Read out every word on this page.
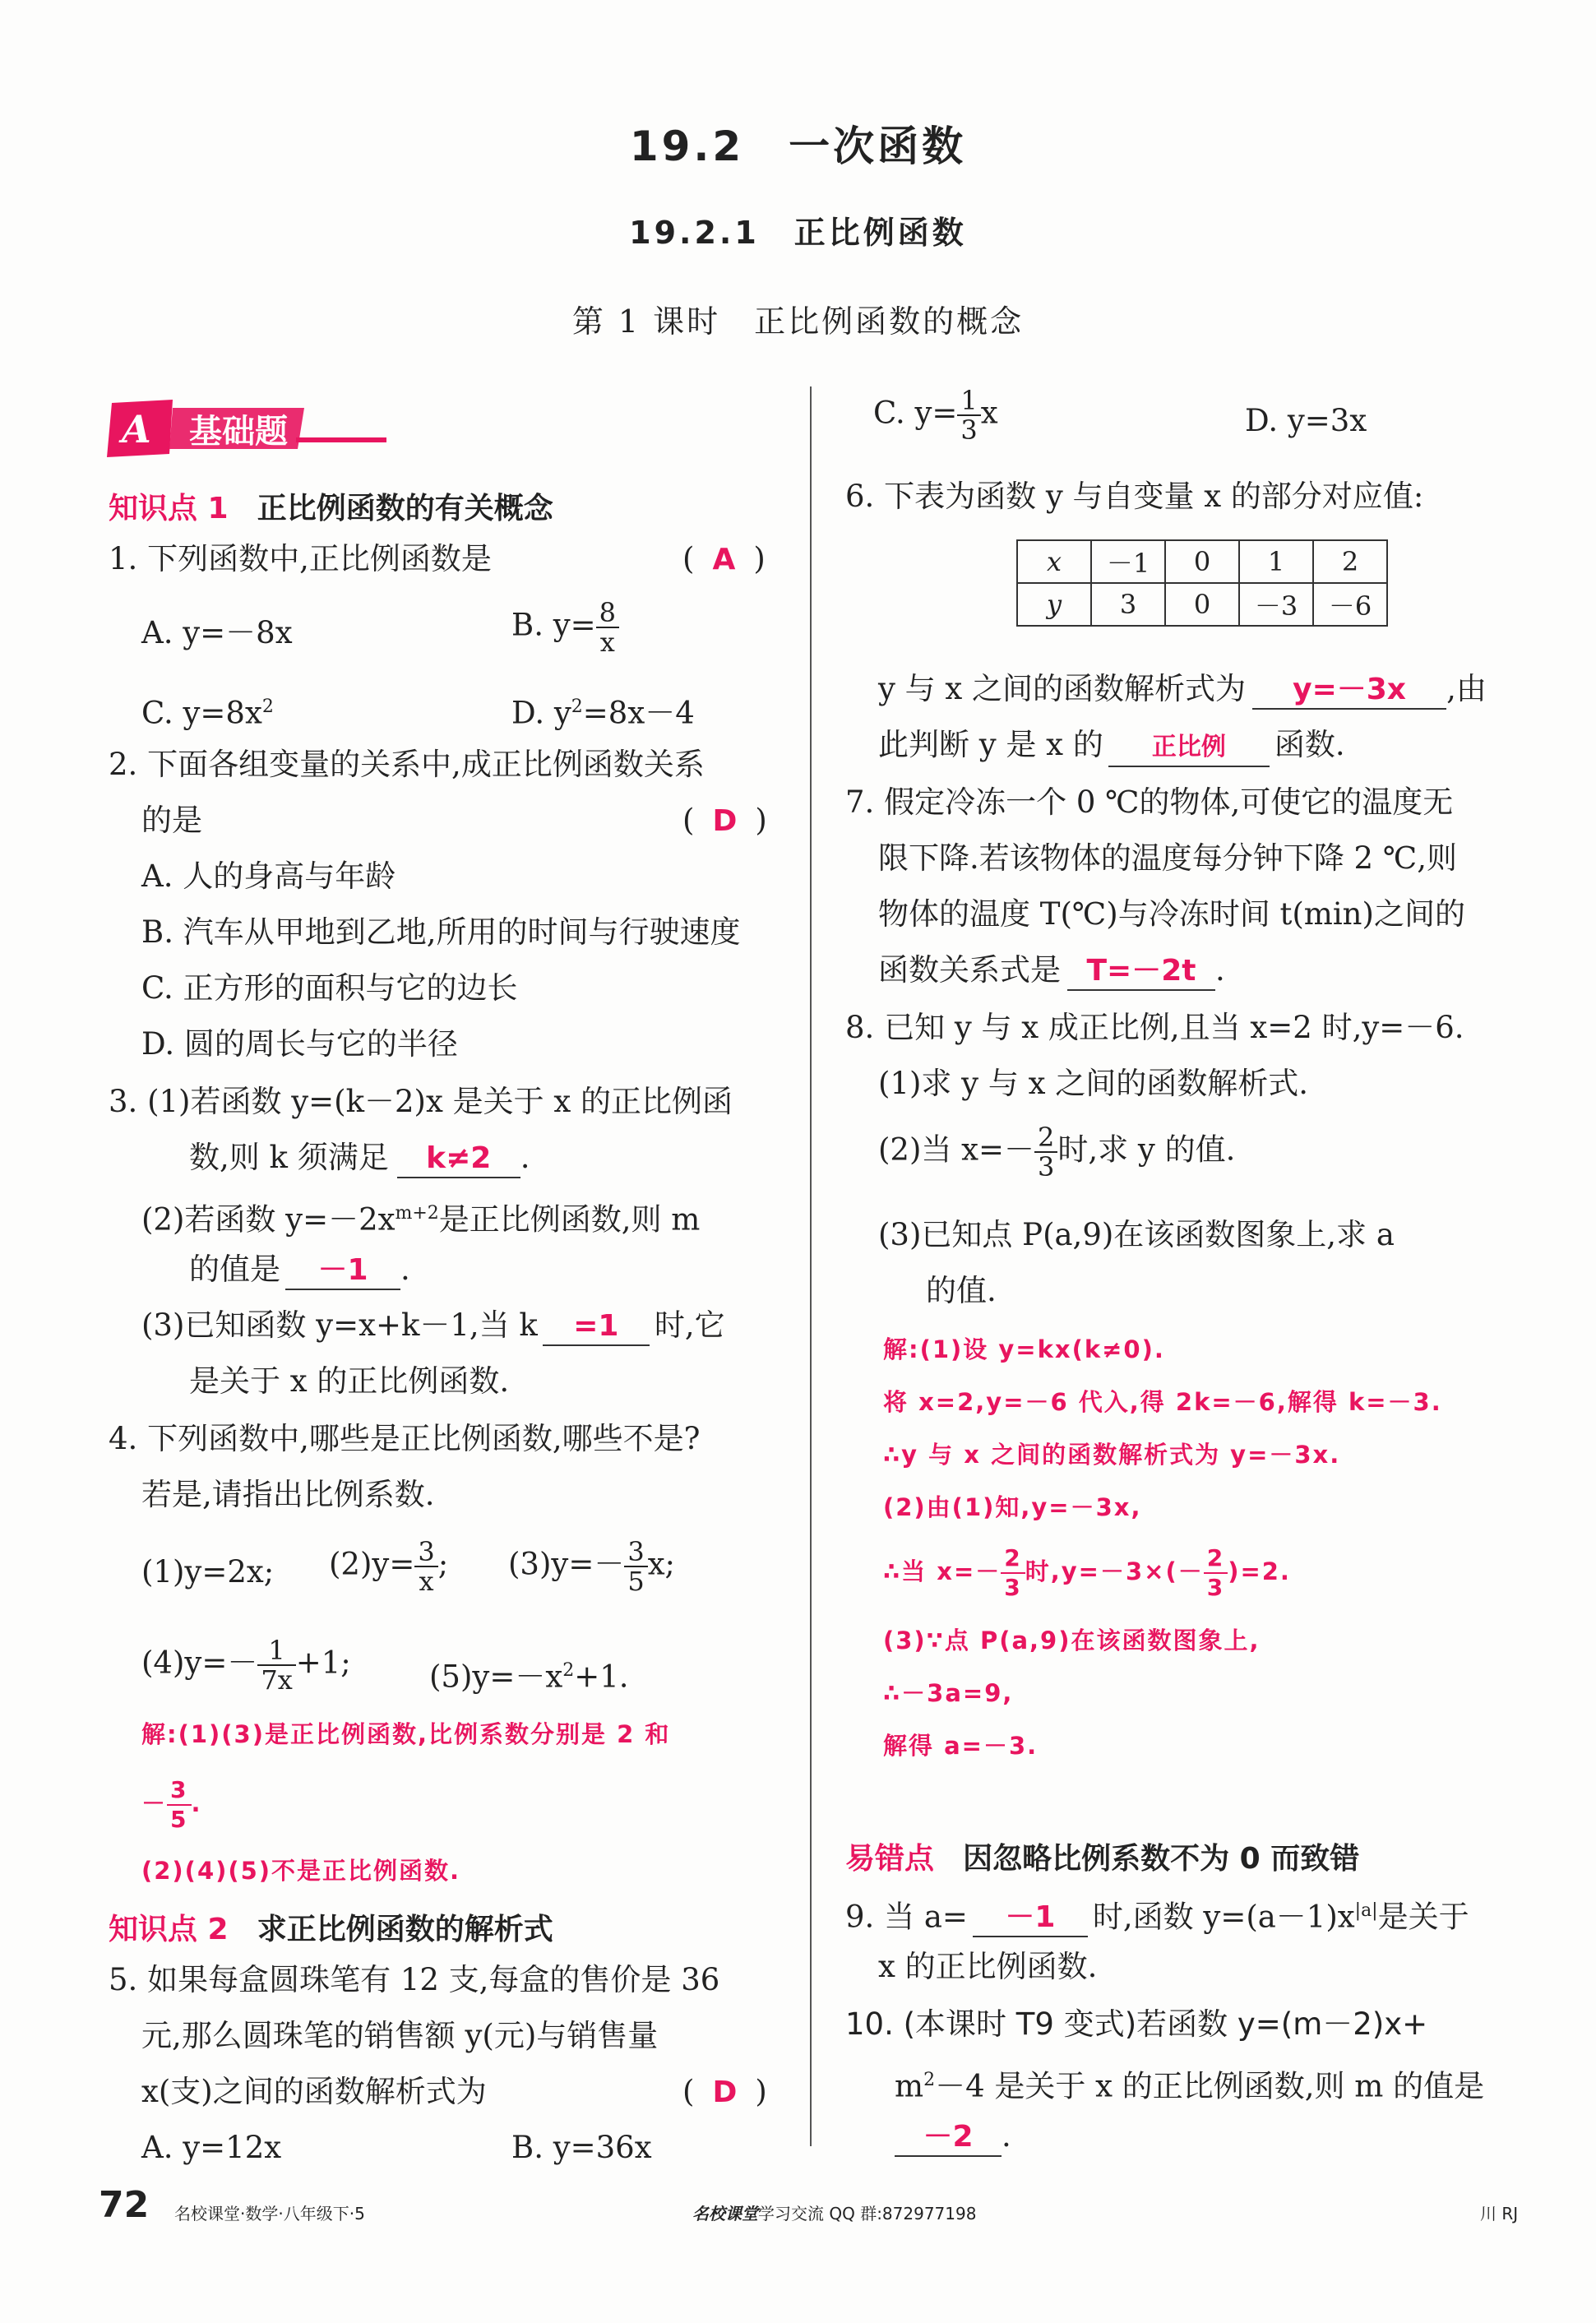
19.2　一次函数
19.2.1　正比例函数
第 1 课时　正比例函数的概念
A 基础题
知识点 1 正比例函数的有关概念
1. 下列函数中,正比例函数是	( A )
A. y=－8x	B. $y= \frac{8}{x}$
C. $y=8x^2$	D. $y^2=8x-4$
2. 下面各组变量的关系中,成正比例函数关系
的是	( D )
A. 人的身高与年龄
B. 汽车从甲地到乙地,所用的时间与行驶速度
C. 正方形的面积与它的边长
D. 圆的周长与它的半径
3. (1)若函数 y=(k－2)x 是关于 x 的正比例函
数,则 k 须满足 k≠2 .
(2)若函数 $y=-2x^{m+2}$是正比例函数,则 m
的值是 －1 .
(3)已知函数 y=x+k－1,当 k =1 时,它
是关于 x 的正比例函数.
4. 下列函数中,哪些是正比例函数,哪些不是?
若是,请指出比例系数.
(1)y=2x; $(2)y= \frac{3}{x}$ ; $(3)y=- \frac{3}{5} x$;
$(4)y=- \frac{1}{7x} +1$;	$(5)y=-x^2+1$.
解:(1)(3)是正比例函数,比例系数分别是 2 和
－ $\frac{3}{5}$ .
(2)(4)(5)不是正比例函数.
知识点 2 求正比例函数的解析式
5. 如果每盒圆珠笔有 12 支,每盒的售价是 36
元,那么圆珠笔的销售额 y(元)与销售量
x(支)之间的函数解析式为	( D )
A. y=12x	B. y=36x
C. $y= \frac{1}{3}$ x	D. y=3x
6. 下表为函数 y 与自变量 x 的部分对应值:
x	－1	0	1	2
y	3	0	－3	－6
y 与 x 之间的函数解析式为 y=－3x ,由
此判断 y 是 x 的 正比例 函数.
7. 假定冷冻一个 0 ℃的物体,可使它的温度无
限下降.若该物体的温度每分钟下降 2 ℃,则
物体的温度 T(℃)与冷冻时间 t(min)之间的
函数关系式是 T=－2t .
8. 已知 y 与 x 成正比例,且当 x=2 时,y=－6.
(1)求 y 与 x 之间的函数解析式.
(2)当 $x=- \frac{2}{3}$ 时,求 y 的值.
(3)已知点 P(a,9)在该函数图象上,求 a
的值.
解:(1)设 y=kx(k≠0).
将 x=2,y=－6 代入,得 2k=－6,解得 k=－3.
∴y 与 x 之间的函数解析式为 y=－3x.
(2)由(1)知,y=－3x,
∴当 $x=- \frac{2}{3}$ 时$,y=-3\times(- \frac{2}{3} )=2$.
(3)∵点 P(a,9)在该函数图象上,
∴－3a=9,
解得 a=－3.
易错点 因忽略比例系数不为 0 而致错
9. 当 a= －1 时,函数 $y=(a-1)x^{|a|}$是关于
x 的正比例函数.
10. (本课时 T9 变式)若函数 y=(m－2)x+
$m^2-4$ 是关于 x 的正比例函数,则 m 的值是
－2 .
72 名校课堂·数学·八年级下·5	名校课堂学习交流 QQ 群:872977198	川 RJ
